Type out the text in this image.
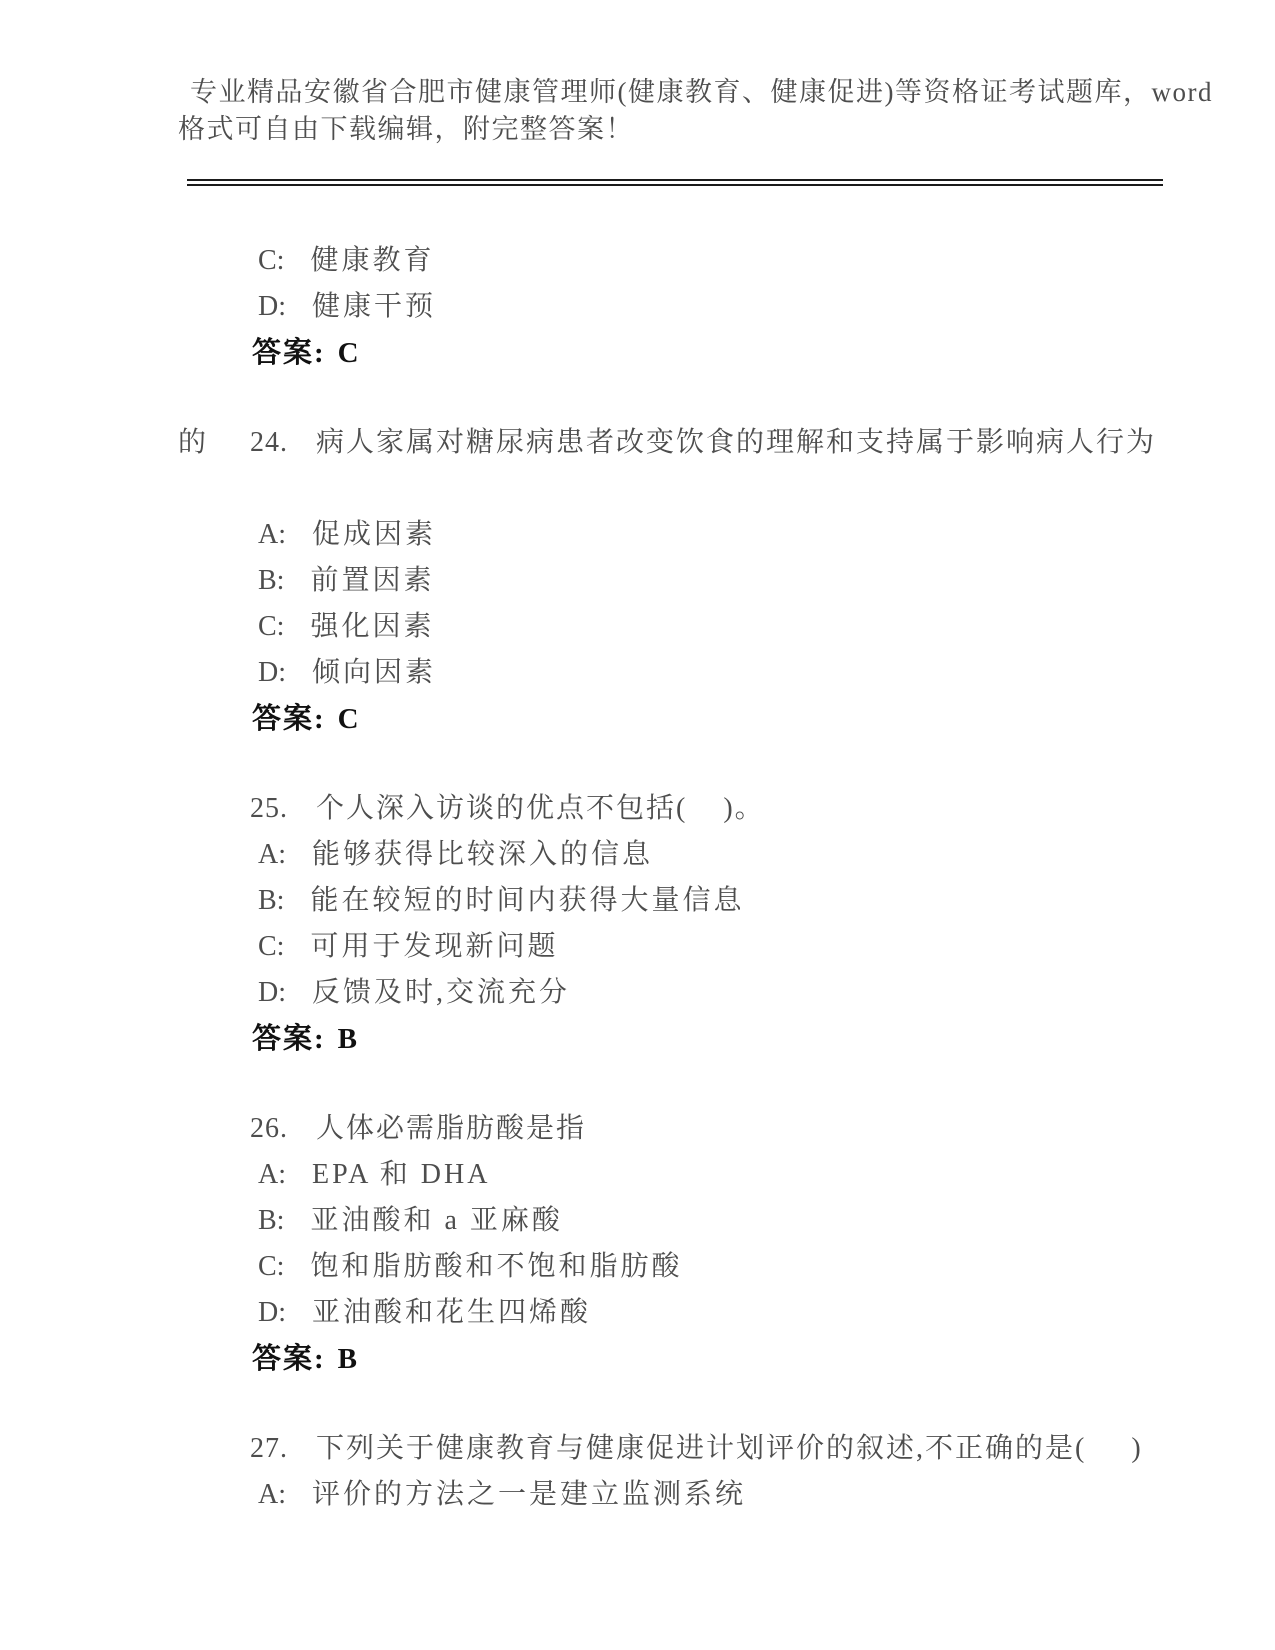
专业精品安徽省合肥市健康管理师(健康教育、健康促进)等资格证考试题库，word
格式可自由下载编辑，附完整答案！

C: 健康教育

D: 健康干预

答案: C

24. 病人家属对糖尿病患者改变饮食的理解和支持属于影响病人行为

的

A: 促成因素

B: 前置因素

C: 强化因素

D: 倾向因素

答案: C

25. 个人深入访谈的优点不包括(    )。

A: 能够获得比较深入的信息

B: 能在较短的时间内获得大量信息

C: 可用于发现新问题

D: 反馈及时,交流充分

答案: B

26. 人体必需脂肪酸是指

A: EPA 和 DHA

B: 亚油酸和 a 亚麻酸

C: 饱和脂肪酸和不饱和脂肪酸

D: 亚油酸和花生四烯酸

答案: B

27. 下列关于健康教育与健康促进计划评价的叙述,不正确的是(     )

A: 评价的方法之一是建立监测系统
